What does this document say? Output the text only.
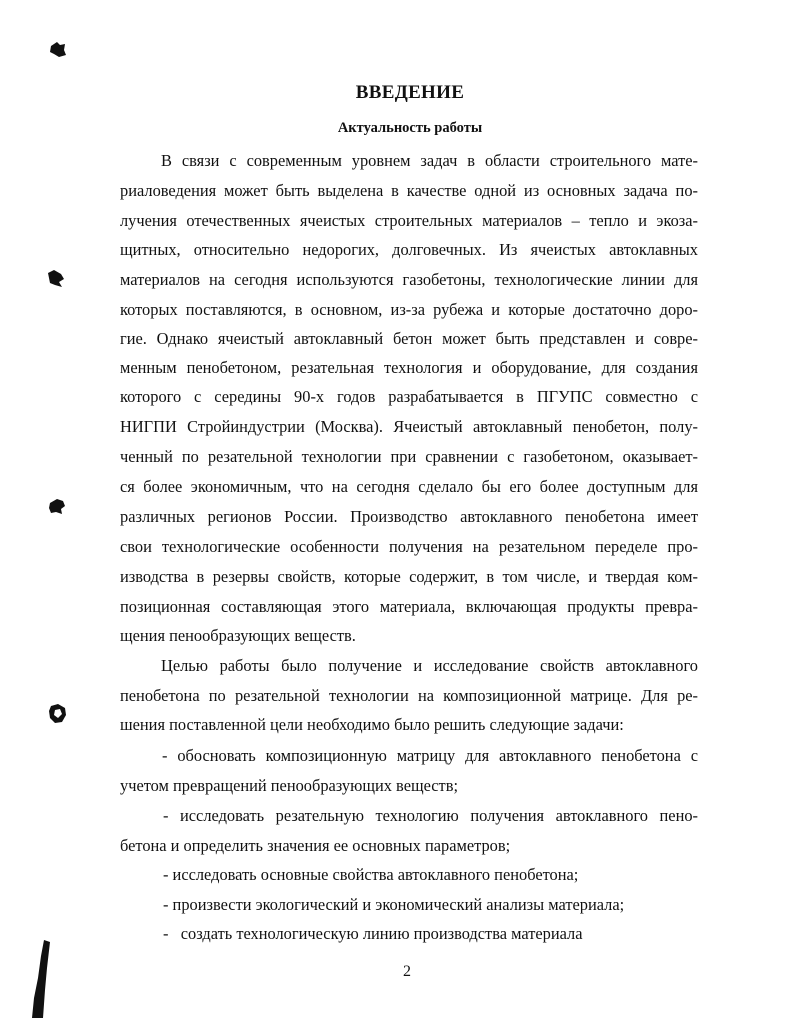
ВВЕДЕНИЕ
Актуальность работы
В связи с современным уровнем задач в области строительного мате-
риаловедения может быть выделена в качестве одной из основных задача по-
лучения отечественных ячеистых строительных материалов – тепло и экоза-
щитных, относительно недорогих, долговечных. Из ячеистых автоклавных
материалов на сегодня используются газобетоны, технологические линии для
которых поставляются, в основном, из-за рубежа и которые достаточно доро-
гие. Однако ячеистый автоклавный бетон может быть представлен и совре-
менным пенобетоном, резательная технология и оборудование, для создания
которого с середины 90-х годов разрабатывается в ПГУПС совместно с
НИГПИ Стройиндустрии (Москва). Ячеистый автоклавный пенобетон, полу-
ченный по резательной технологии при сравнении с газобетоном, оказывает-
ся более экономичным, что на сегодня сделало бы его более доступным для
различных регионов России. Производство автоклавного пенобетона имеет
свои технологические особенности получения на резательном переделе про-
изводства в резервы свойств, которые содержит, в том числе, и твердая ком-
позиционная составляющая этого материала, включающая продукты превра-
щения пенообразующих веществ.
Целью работы было получение и исследование свойств автоклавного
пенобетона по резательной технологии на композиционной матрице. Для ре-
шения поставленной цели необходимо было решить следующие задачи:
- обосновать композиционную матрицу для автоклавного пенобетона с
учетом превращений пенообразующих веществ;
- исследовать резательную технологию получения автоклавного пено-
бетона и определить значения ее основных параметров;
- исследовать основные свойства автоклавного пенобетона;
- произвести экологический и экономический анализы материала;
-   создать технологическую линию производства материала
2
